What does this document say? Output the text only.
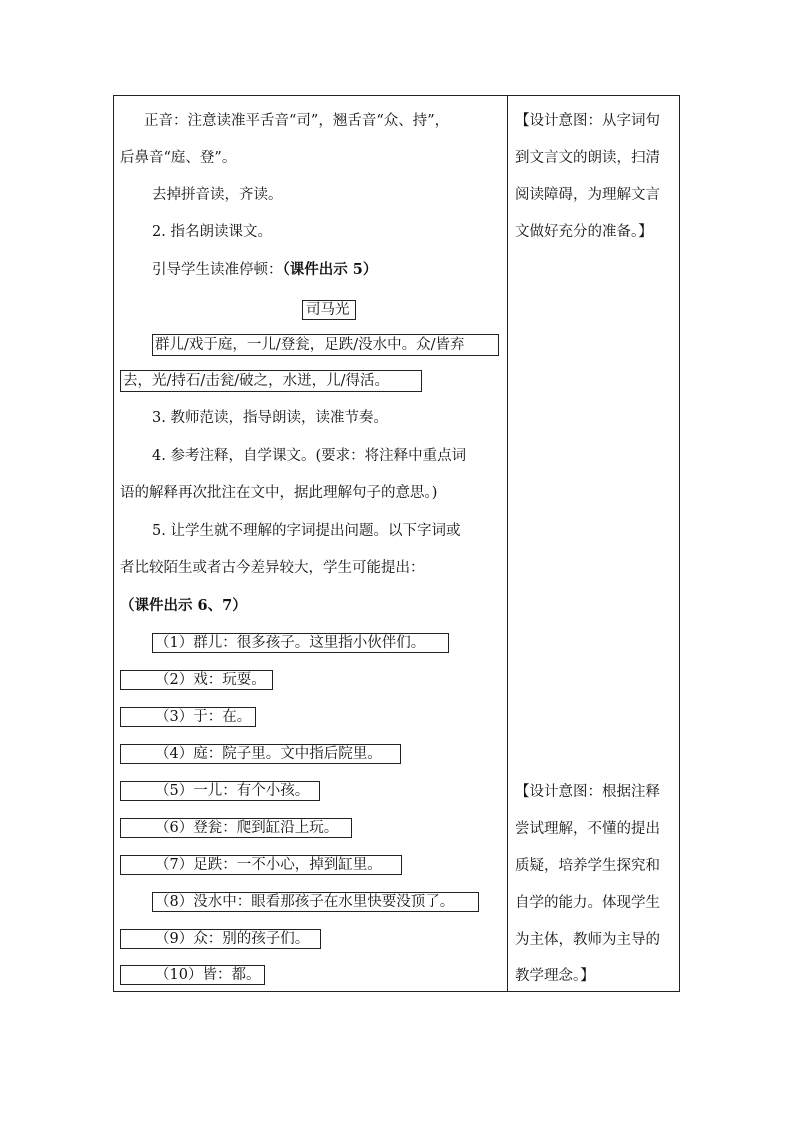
正音：注意读准平舌音“司”，翘舌音“众、持”，
后鼻音“庭、登”。
去掉拼音读，齐读。
2. 指名朗读课文。
引导学生读准停顿：（课件出示 5）
司马光
群儿/戏于庭，一儿/登瓮，足跌/没水中。众/皆弃
去，光/持石/击瓮/破之，水迸，儿/得活。
3. 教师范读，指导朗读，读准节奏。
4. 参考注释，自学课文。(要求：将注释中重点词
语的解释再次批注在文中，据此理解句子的意思。)
5. 让学生就不理解的字词提出问题。以下字词或
者比较陌生或者古今差异较大，学生可能提出：
（课件出示 6、7）
（1）群儿：很多孩子。这里指小伙伴们。
（2）戏：玩耍。
（3）于：在。
（4）庭：院子里。文中指后院里。
（5）一儿：有个小孩。
（6）登瓮：爬到缸沿上玩。
（7）足跌：一不小心，掉到缸里。
（8）没水中：眼看那孩子在水里快要没顶了。
（9）众：别的孩子们。
（10）皆：都。
【设计意图：从字词句
到文言文的朗读，扫清
阅读障碍，为理解文言
文做好充分的准备。】
【设计意图：根据注释
尝试理解，不懂的提出
质疑，培养学生探究和
自学的能力。体现学生
为主体，教师为主导的
教学理念。】
